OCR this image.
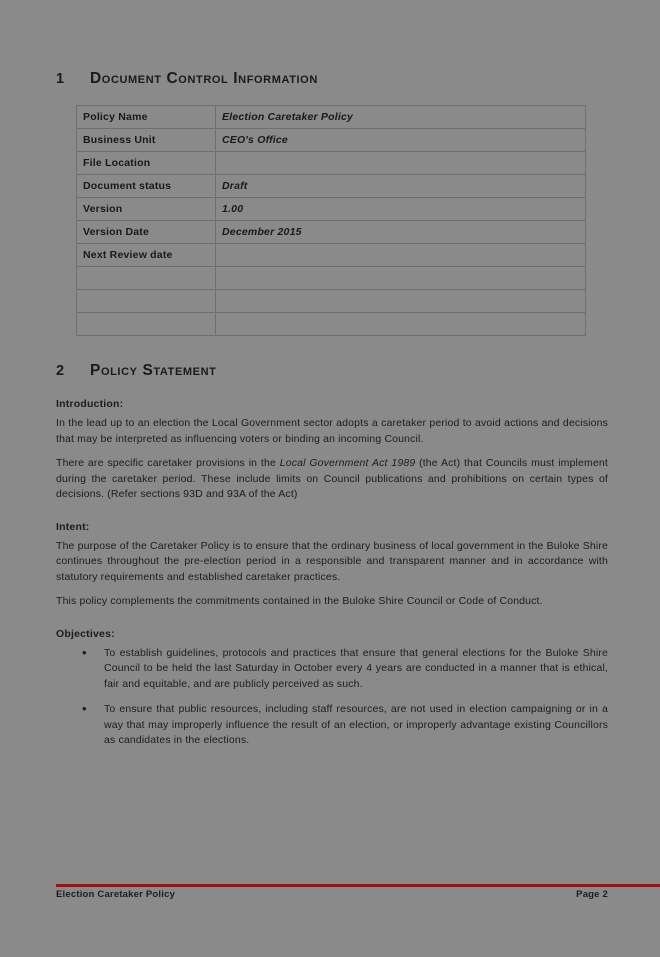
1	Document Control Information
Policy Name	Election Caretaker Policy
Business Unit	CEO's Office
File Location	
Document status	Draft
Version	1.00
Version Date	December 2015
Next Review date	

2	Policy Statement
Introduction:

In the lead up to an election the Local Government sector adopts a caretaker period to avoid actions and decisions that may be interpreted as influencing voters or binding an incoming Council.

There are specific caretaker provisions in the Local Government Act 1989 (the Act) that Councils must implement during the caretaker period. These include limits on Council publications and prohibitions on certain types of decisions. (Refer sections 93D and 93A of the Act)

Intent:

The purpose of the Caretaker Policy is to ensure that the ordinary business of local government in the Buloke Shire continues throughout the pre-election period in a responsible and transparent manner and in accordance with statutory requirements and established caretaker practices.

This policy complements the commitments contained in the Buloke Shire Council or Code of Conduct.

Objectives:
• To establish guidelines, protocols and practices that ensure that general elections for the Buloke Shire Council to be held the last Saturday in October every 4 years are conducted in a manner that is ethical, fair and equitable, and are publicly perceived as such.
• To ensure that public resources, including staff resources, are not used in election campaigning or in a way that may improperly influence the result of an election, or improperly advantage existing Councillors as candidates in the elections.
Election Caretaker Policy	Page 2
